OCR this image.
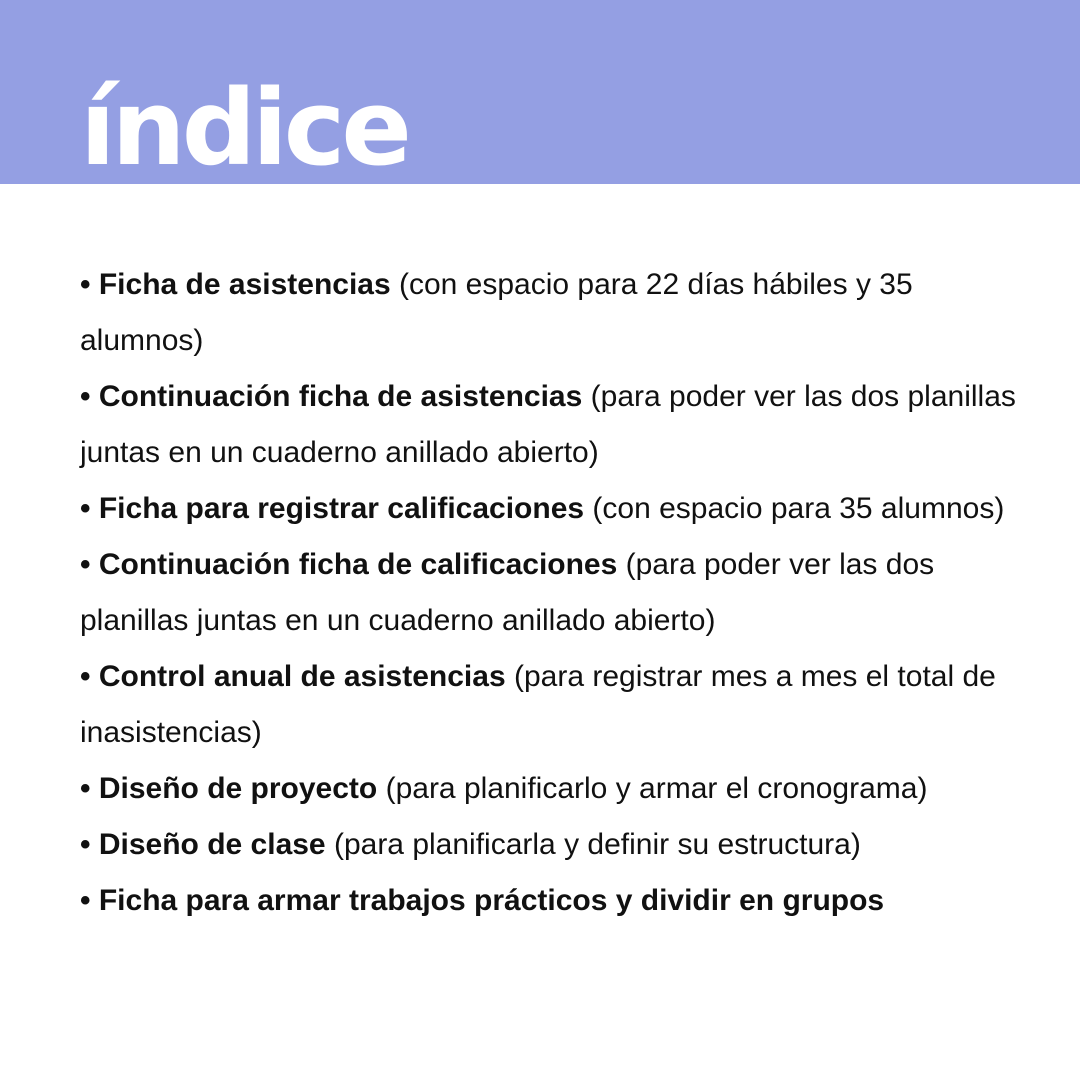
índice
• Ficha de asistencias (con espacio para 22 días hábiles y 35 alumnos)
• Continuación ficha de asistencias (para poder ver las dos planillas juntas en un cuaderno anillado abierto)
• Ficha para registrar calificaciones (con espacio para 35 alumnos)
• Continuación ficha de calificaciones (para poder ver las dos planillas juntas en un cuaderno anillado abierto)
• Control anual de asistencias (para registrar mes a mes el total de inasistencias)
• Diseño de proyecto (para planificarlo y armar el cronograma)
• Diseño de clase (para planificarla y definir su estructura)
• Ficha para armar trabajos prácticos y dividir en grupos
